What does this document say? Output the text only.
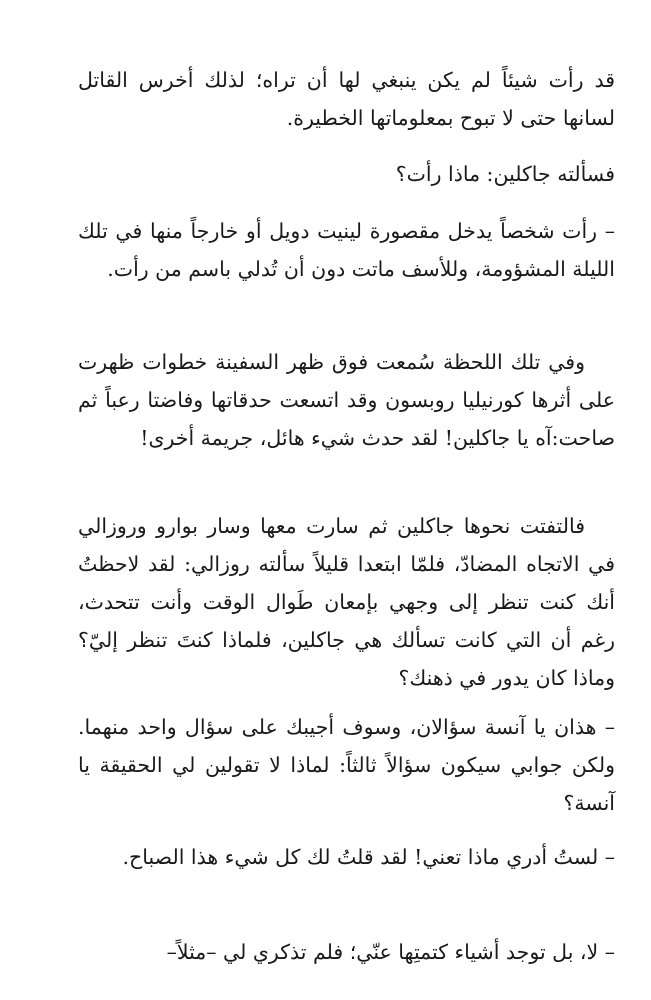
قد رأت شيئاً لم يكن ينبغي لها أن تراه؛ لذلك أخرس القاتل لسانها حتى لا تبوح بمعلوماتها الخطيرة.

فسألته جاكلين: ماذا رأت؟

– رأت شخصاً يدخل مقصورة لينيت دويل أو خارجاً منها في تلك الليلة المشؤومة، وللأسف ماتت دون أن تُدلي باسم من رأت.

وفي تلك اللحظة سُمعت فوق ظهر السفينة خطوات ظهرت على أثرها كورنيليا روبسون وقد اتسعت حدقاتها وفاضتا رعباً ثم صاحت:آه يا جاكلين! لقد حدث شيء هائل، جريمة أخرى!

فالتفتت نحوها جاكلين ثم سارت معها وسار بوارو وروزالي في الاتجاه المضادّ، فلمّا ابتعدا قليلاً سألته روزالي: لقد لاحظتُ أنك كنت تنظر إلى وجهي بإمعان طَوال الوقت وأنت تتحدث، رغم أن التي كانت تسألك هي جاكلين، فلماذا كنتَ تنظر إليّ؟ وماذا كان يدور في ذهنك؟

– هذان يا آنسة سؤالان، وسوف أجيبك على سؤال واحد منهما. ولكن جوابي سيكون سؤالاً ثالثاً: لماذا لا تقولين لي الحقيقة يا آنسة؟

– لستُ أدري ماذا تعني! لقد قلتُ لك كل شيء هذا الصباح.

– لا، بل توجد أشياء كتمتِها عنّي؛ فلم تذكري لي –مثلاً–
